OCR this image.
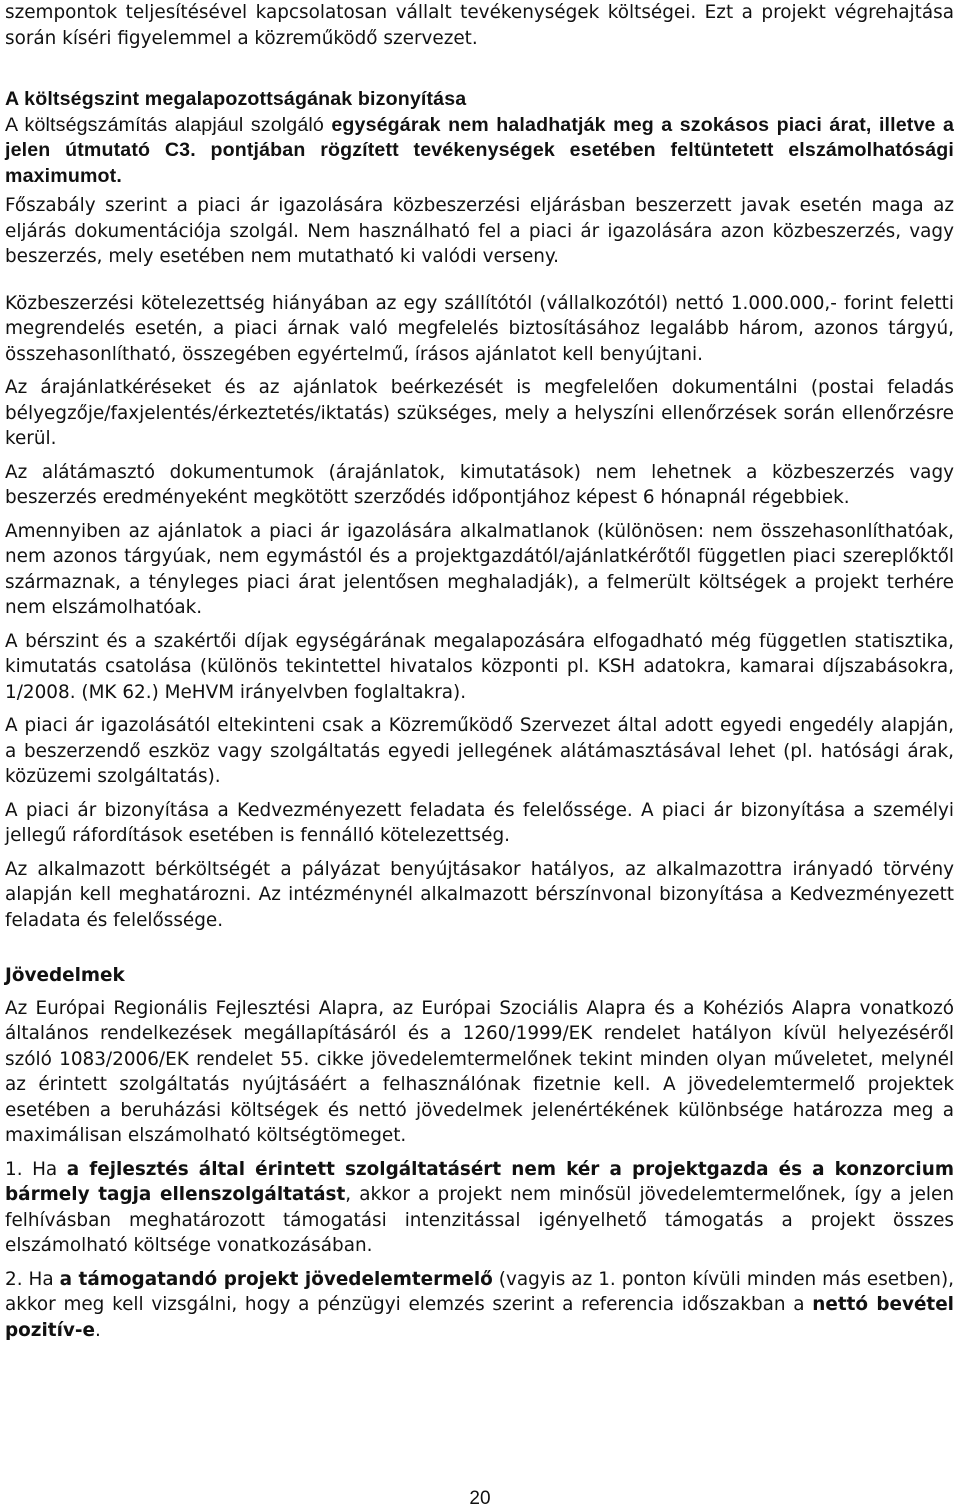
szempontok teljesítésével kapcsolatosan vállalt tevékenységek költségei. Ezt a projekt végrehajtása során kíséri figyelemmel a közreműködő szervezet.

A költségszint megalapozottságának bizonyítása

A költségszámítás alapjául szolgáló egységárak nem haladhatják meg a szokásos piaci árat, illetve a jelen útmutató C3. pontjában rögzített tevékenységek esetében feltüntetett elszámolhatósági maximumot.

Főszabály szerint a piaci ár igazolására közbeszerzési eljárásban beszerzett javak esetén maga az eljárás dokumentációja szolgál. Nem használható fel a piaci ár igazolására azon közbeszerzés, vagy beszerzés, mely esetében nem mutatható ki valódi verseny.

Közbeszerzési kötelezettség hiányában az egy szállítótól (vállalkozótól) nettó 1.000.000,- forint feletti megrendelés esetén, a piaci árnak való megfelelés biztosításához legalább három, azonos tárgyú, összehasonlítható, összegében egyértelmű, írásos ajánlatot kell benyújtani.

Az árajánlatkéréseket és az ajánlatok beérkezését is megfelelően dokumentálni (postai feladás bélyegzője/faxjelentés/érkeztetés/iktatás) szükséges, mely a helyszíni ellenőrzések során ellenőrzésre kerül.

Az alátámasztó dokumentumok (árajánlatok, kimutatások) nem lehetnek a közbeszerzés vagy beszerzés eredményeként megkötött szerződés időpontjához képest 6 hónapnál régebbiek.

Amennyiben az ajánlatok a piaci ár igazolására alkalmatlanok (különösen: nem összehasonlíthatóak, nem azonos tárgyúak, nem egymástól és a projektgazdától/ajánlatkérőtől független piaci szereplőktől származnak, a tényleges piaci árat jelentősen meghaladják), a felmerült költségek a projekt terhére nem elszámolhatóak.

A bérszint és a szakértői díjak egységárának megalapozására elfogadható még független statisztika, kimutatás csatolása (különös tekintettel hivatalos központi pl. KSH adatokra, kamarai díjszabásokra, 1/2008. (MK 62.) MeHVM irányelvben foglaltakra).

A piaci ár igazolásától eltekinteni csak a Közreműködő Szervezet által adott egyedi engedély alapján, a beszerzendő eszköz vagy szolgáltatás egyedi jellegének alátámasztásával lehet (pl. hatósági árak, közüzemi szolgáltatás).

A piaci ár bizonyítása a Kedvezményezett feladata és felelőssége. A piaci ár bizonyítása a személyi jellegű ráfordítások esetében is fennálló kötelezettség.

Az alkalmazott bérköltségét a pályázat benyújtásakor hatályos, az alkalmazottra irányadó törvény alapján kell meghatározni. Az intézménynél alkalmazott bérszínvonal bizonyítása a Kedvezményezett feladata és felelőssége.

Jövedelmek

Az Európai Regionális Fejlesztési Alapra, az Európai Szociális Alapra és a Kohéziós Alapra vonatkozó általános rendelkezések megállapításáról és a 1260/1999/EK rendelet hatályon kívül helyezéséről szóló 1083/2006/EK rendelet 55. cikke jövedelemtermelőnek tekint minden olyan műveletet, melynél az érintett szolgáltatás nyújtásáért a felhasználónak fizetnie kell. A jövedelemtermelő projektek esetében a beruházási költségek és nettó jövedelmek jelenértékének különbsége határozza meg a maximálisan elszámolható költségtömeget.

1. Ha a fejlesztés által érintett szolgáltatásért nem kér a projektgazda és a konzorcium bármely tagja ellenszolgáltatást, akkor a projekt nem minősül jövedelemtermelőnek, így a jelen felhívásban meghatározott támogatási intenzitással igényelhető támogatás a projekt összes elszámolható költsége vonatkozásában.

2. Ha a támogatandó projekt jövedelemtermelő (vagyis az 1. ponton kívüli minden más esetben), akkor meg kell vizsgálni, hogy a pénzügyi elemzés szerint a referencia időszakban a nettó bevétel pozitív-e.

20
